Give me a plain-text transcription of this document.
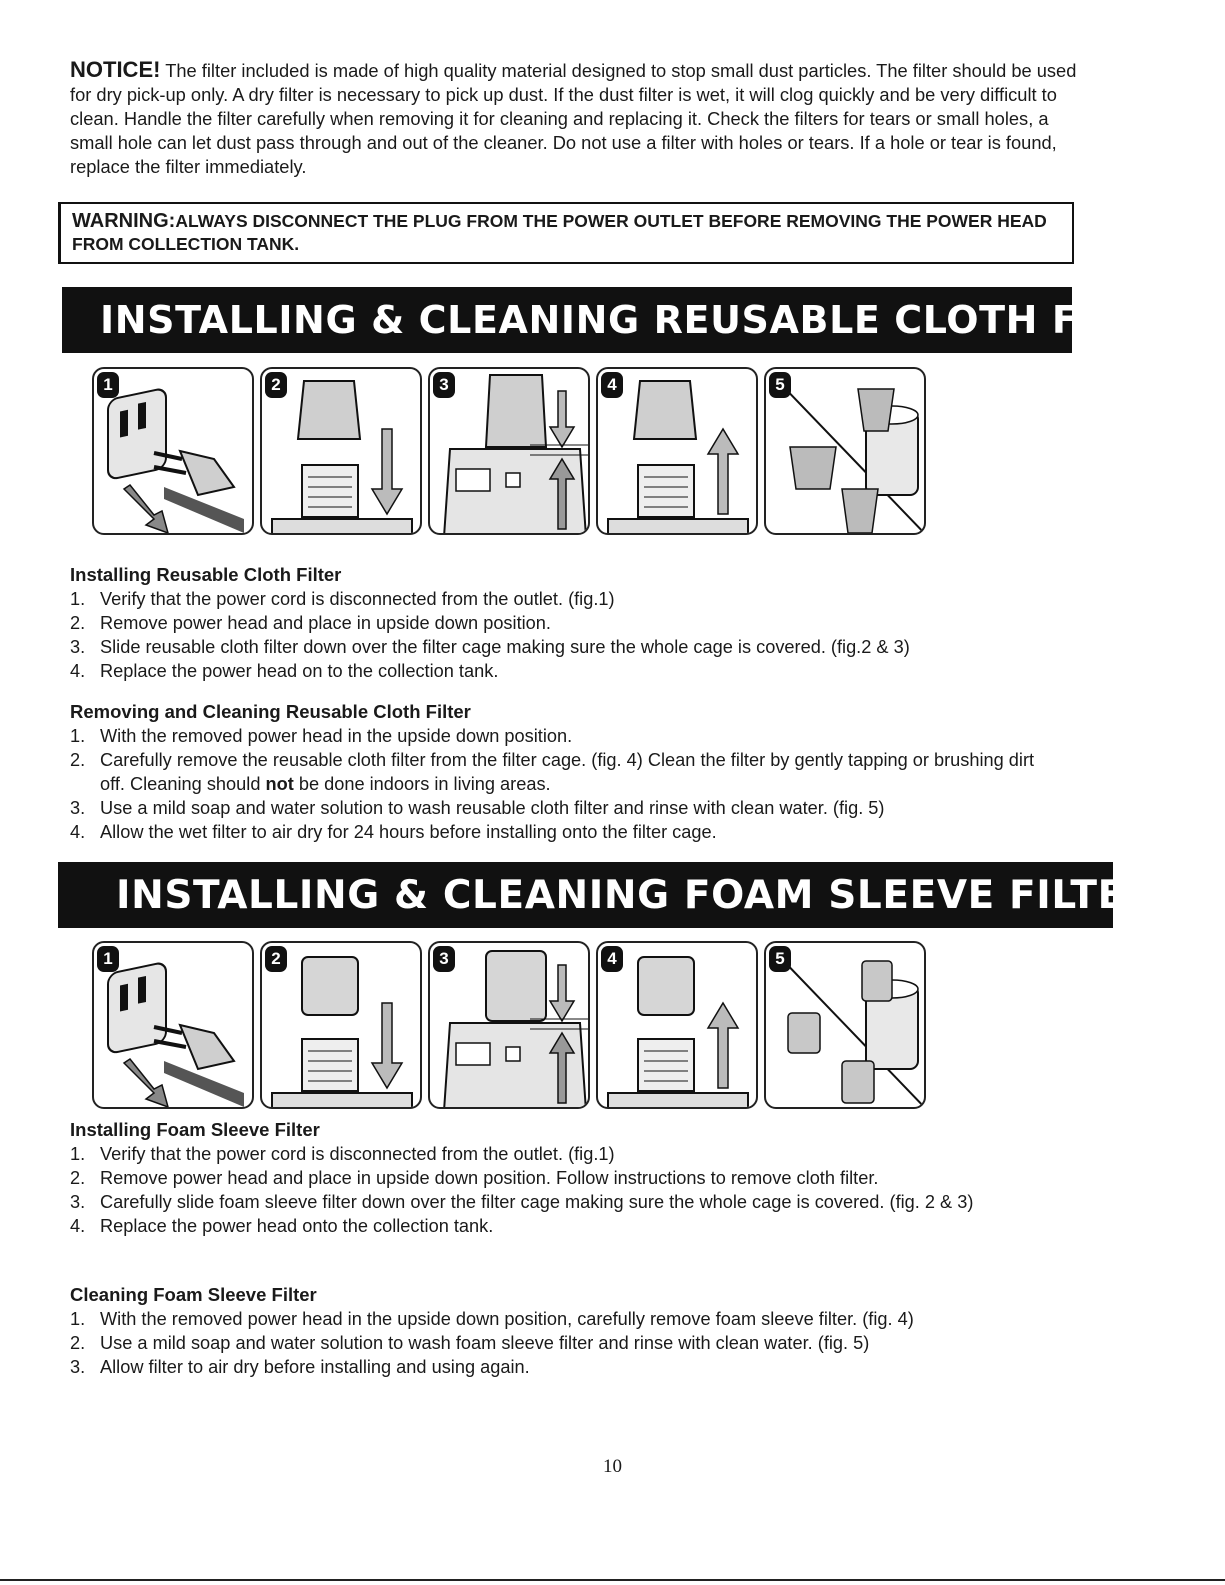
NOTICE! The filter included is made of high quality material designed to stop small dust particles. The filter should be used for dry pick-up only. A dry filter is necessary to pick up dust. If the dust filter is wet, it will clog quickly and be very difficult to clean. Handle the filter carefully when removing it for cleaning and replacing it. Check the filters for tears or small holes, a small hole can let dust pass through and out of the cleaner. Do not use a filter with holes or tears. If a hole or tear is found, replace the filter immediately.
WARNING:ALWAYS DISCONNECT THE PLUG FROM THE POWER OUTLET BEFORE REMOVING THE POWER HEAD FROM COLLECTION TANK.
INSTALLING & CLEANING REUSABLE CLOTH FILTER
1	2	3	4	5
Installing Reusable Cloth Filter
1. Verify that the power cord is disconnected from the outlet. (fig.1)
2. Remove power head and place in upside down position.
3. Slide reusable cloth filter down over the filter cage making sure the whole cage is covered. (fig.2 & 3)
4. Replace the power head on to the collection tank.
Removing and Cleaning Reusable Cloth Filter
1. With the removed power head in the upside down position.
2. Carefully remove the reusable cloth filter from the filter cage. (fig. 4) Clean the filter by gently tapping or brushing dirt off. Cleaning should not be done indoors in living areas.
3. Use a mild soap and water solution to wash reusable cloth filter and rinse with clean water. (fig. 5)
4. Allow the wet filter to air dry for 24 hours before installing onto the filter cage.
INSTALLING & CLEANING FOAM SLEEVE FILTER
1	2	3	4	5
Installing Foam Sleeve Filter
1. Verify that the power cord is disconnected from the outlet. (fig.1)
2. Remove power head and place in upside down position. Follow instructions to remove cloth filter.
3. Carefully slide foam sleeve filter down over the filter cage making sure the whole cage is covered. (fig. 2 & 3)
4. Replace the power head onto the collection tank.
Cleaning Foam Sleeve Filter
1. With the removed power head in the upside down position, carefully remove foam sleeve filter. (fig. 4)
2. Use a mild soap and water solution to wash foam sleeve filter and rinse with clean water. (fig. 5)
3. Allow filter to air dry before installing and using again.
10
